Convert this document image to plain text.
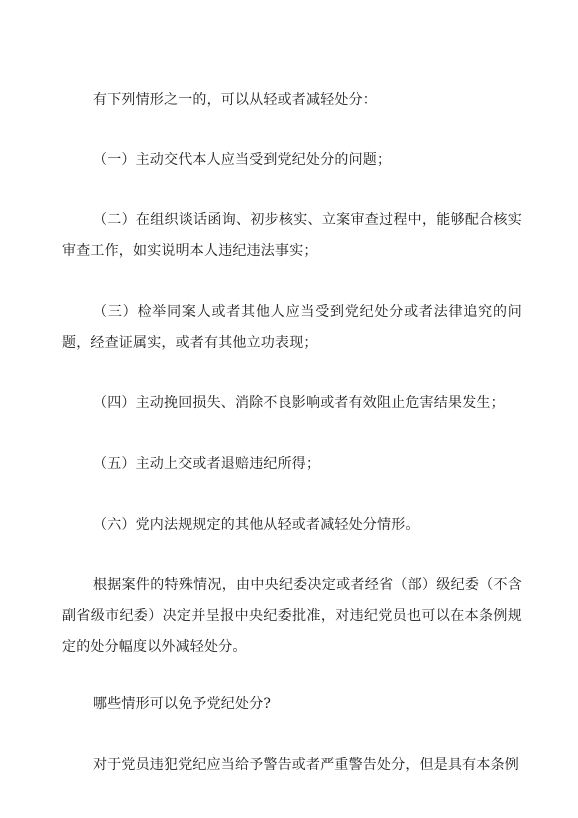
有下列情形之一的，可以从轻或者减轻处分：

（一）主动交代本人应当受到党纪处分的问题；

（二）在组织谈话函询、初步核实、立案审查过程中，能够配合核实审查工作，如实说明本人违纪违法事实；

（三）检举同案人或者其他人应当受到党纪处分或者法律追究的问题，经查证属实，或者有其他立功表现；

（四）主动挽回损失、消除不良影响或者有效阻止危害结果发生；

（五）主动上交或者退赔违纪所得；

（六）党内法规规定的其他从轻或者减轻处分情形。

根据案件的特殊情况，由中央纪委决定或者经省（部）级纪委（不含副省级市纪委）决定并呈报中央纪委批准，对违纪党员也可以在本条例规定的处分幅度以外减轻处分。

哪些情形可以免予党纪处分?

对于党员违犯党纪应当给予警告或者严重警告处分，但是具有本条例
